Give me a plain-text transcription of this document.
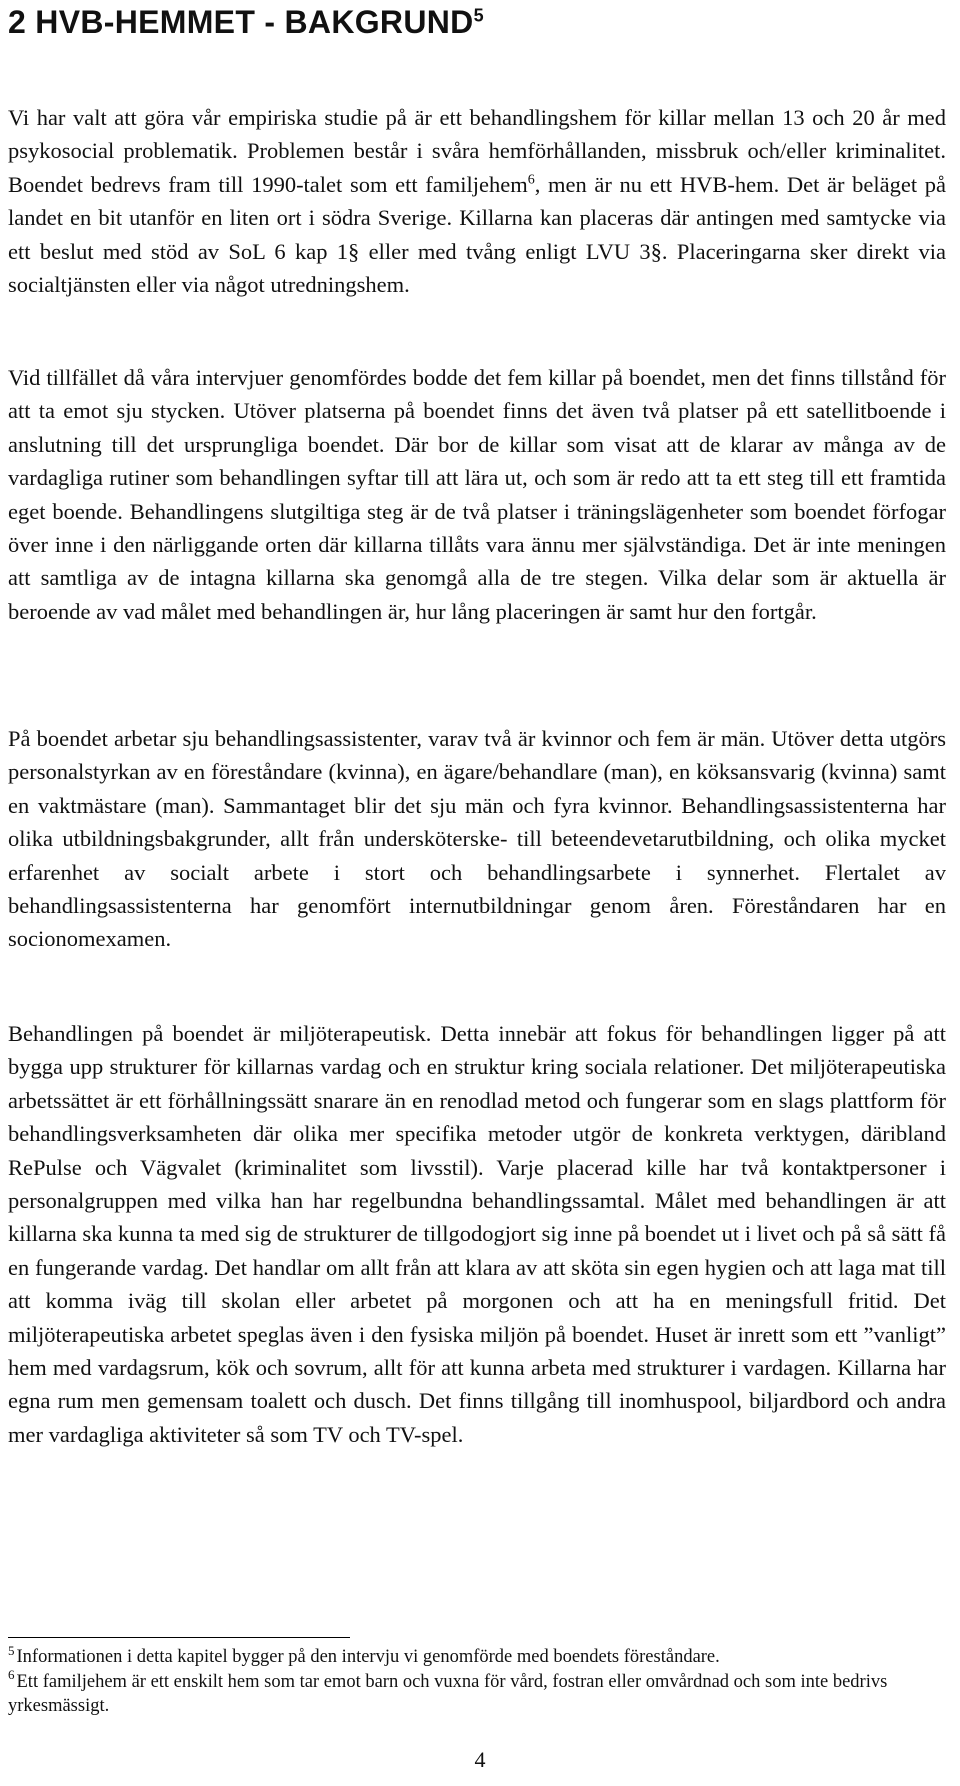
2 HVB-HEMMET - BAKGRUND$^5$

Vi har valt att göra vår empiriska studie på är ett behandlingshem för killar mellan 13 och 20 år med psykosocial problematik. Problemen består i svåra hemförhållanden, missbruk och/eller kriminalitet. Boendet bedrevs fram till 1990-talet som ett familjehem$^6$, men är nu ett HVB-hem. Det är beläget på landet en bit utanför en liten ort i södra Sverige. Killarna kan placeras där antingen med samtycke via ett beslut med stöd av SoL 6 kap 1§ eller med tvång enligt LVU 3§. Placeringarna sker direkt via socialtjänsten eller via något utredningshem.

Vid tillfället då våra intervjuer genomfördes bodde det fem killar på boendet, men det finns tillstånd för att ta emot sju stycken. Utöver platserna på boendet finns det även två platser på ett satellitboende i anslutning till det ursprungliga boendet. Där bor de killar som visat att de klarar av många av de vardagliga rutiner som behandlingen syftar till att lära ut, och som är redo att ta ett steg till ett framtida eget boende. Behandlingens slutgiltiga steg är de två platser i träningslägenheter som boendet förfogar över inne i den närliggande orten där killarna tillåts vara ännu mer självständiga. Det är inte meningen att samtliga av de intagna killarna ska genomgå alla de tre stegen. Vilka delar som är aktuella är beroende av vad målet med behandlingen är, hur lång placeringen är samt hur den fortgår.

På boendet arbetar sju behandlingsassistenter, varav två är kvinnor och fem är män. Utöver detta utgörs personalstyrkan av en föreståndare (kvinna), en ägare/behandlare (man), en köksansvarig (kvinna) samt en vaktmästare (man). Sammantaget blir det sju män och fyra kvinnor. Behandlingsassistenterna har olika utbildningsbakgrunder, allt från undersköterske- till beteendevetarutbildning, och olika mycket erfarenhet av socialt arbete i stort och behandlingsarbete i synnerhet. Flertalet av behandlingsassistenterna har genomfört internutbildningar genom åren. Föreståndaren har en socionomexamen.

Behandlingen på boendet är miljöterapeutisk. Detta innebär att fokus för behandlingen ligger på att bygga upp strukturer för killarnas vardag och en struktur kring sociala relationer. Det miljöterapeutiska arbetssättet är ett förhållningssätt snarare än en renodlad metod och fungerar som en slags plattform för behandlingsverksamheten där olika mer specifika metoder utgör de konkreta verktygen, däribland RePulse och Vägvalet (kriminalitet som livsstil). Varje placerad kille har två kontaktpersoner i personalgruppen med vilka han har regelbundna behandlingssamtal. Målet med behandlingen är att killarna ska kunna ta med sig de strukturer de tillgodogjort sig inne på boendet ut i livet och på så sätt få en fungerande vardag. Det handlar om allt från att klara av att sköta sin egen hygien och att laga mat till att komma iväg till skolan eller arbetet på morgonen och att ha en meningsfull fritid. Det miljöterapeutiska arbetet speglas även i den fysiska miljön på boendet. Huset är inrett som ett ”vanligt” hem med vardagsrum, kök och sovrum, allt för att kunna arbeta med strukturer i vardagen. Killarna har egna rum men gemensam toalett och dusch. Det finns tillgång till inomhuspool, biljardbord och andra mer vardagliga aktiviteter så som TV och TV-spel.

$^5$ Informationen i detta kapitel bygger på den intervju vi genomförde med boendets föreståndare.

$^6$ Ett familjehem är ett enskilt hem som tar emot barn och vuxna för vård, fostran eller omvårdnad och som inte bedrivs yrkesmässigt.

4
